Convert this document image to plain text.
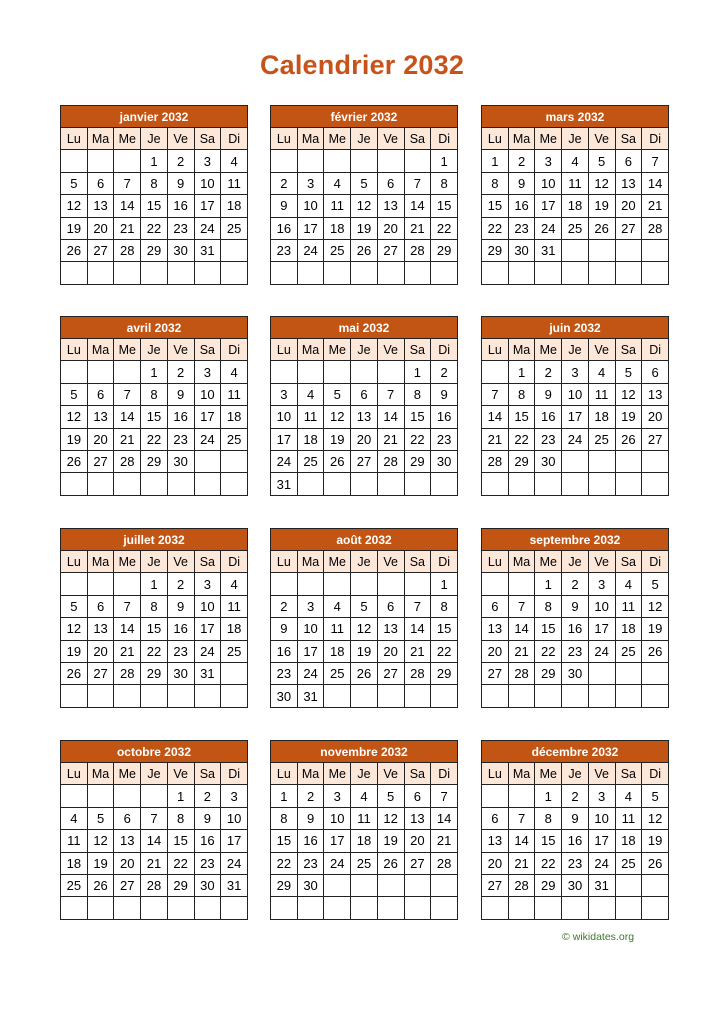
Calendrier 2032
janvier 2032
Lu	Ma	Me	Je	Ve	Sa	Di
			1	2	3	4
5	6	7	8	9	10	11
12	13	14	15	16	17	18
19	20	21	22	23	24	25
26	27	28	29	30	31	

février 2032
Lu	Ma	Me	Je	Ve	Sa	Di
						1
2	3	4	5	6	7	8
9	10	11	12	13	14	15
16	17	18	19	20	21	22
23	24	25	26	27	28	29

mars 2032
Lu	Ma	Me	Je	Ve	Sa	Di
1	2	3	4	5	6	7
8	9	10	11	12	13	14
15	16	17	18	19	20	21
22	23	24	25	26	27	28
29	30	31				

avril 2032
Lu	Ma	Me	Je	Ve	Sa	Di
			1	2	3	4
5	6	7	8	9	10	11
12	13	14	15	16	17	18
19	20	21	22	23	24	25
26	27	28	29	30		

mai 2032
Lu	Ma	Me	Je	Ve	Sa	Di
					1	2
3	4	5	6	7	8	9
10	11	12	13	14	15	16
17	18	19	20	21	22	23
24	25	26	27	28	29	30
31						
juin 2032
Lu	Ma	Me	Je	Ve	Sa	Di
	1	2	3	4	5	6
7	8	9	10	11	12	13
14	15	16	17	18	19	20
21	22	23	24	25	26	27
28	29	30				

juillet 2032
Lu	Ma	Me	Je	Ve	Sa	Di
			1	2	3	4
5	6	7	8	9	10	11
12	13	14	15	16	17	18
19	20	21	22	23	24	25
26	27	28	29	30	31	

août 2032
Lu	Ma	Me	Je	Ve	Sa	Di
						1
2	3	4	5	6	7	8
9	10	11	12	13	14	15
16	17	18	19	20	21	22
23	24	25	26	27	28	29
30	31					
septembre 2032
Lu	Ma	Me	Je	Ve	Sa	Di
		1	2	3	4	5
6	7	8	9	10	11	12
13	14	15	16	17	18	19
20	21	22	23	24	25	26
27	28	29	30			

octobre 2032
Lu	Ma	Me	Je	Ve	Sa	Di
				1	2	3
4	5	6	7	8	9	10
11	12	13	14	15	16	17
18	19	20	21	22	23	24
25	26	27	28	29	30	31

novembre 2032
Lu	Ma	Me	Je	Ve	Sa	Di
1	2	3	4	5	6	7
8	9	10	11	12	13	14
15	16	17	18	19	20	21
22	23	24	25	26	27	28
29	30					

décembre 2032
Lu	Ma	Me	Je	Ve	Sa	Di
		1	2	3	4	5
6	7	8	9	10	11	12
13	14	15	16	17	18	19
20	21	22	23	24	25	26
27	28	29	30	31		

© wikidates.org
